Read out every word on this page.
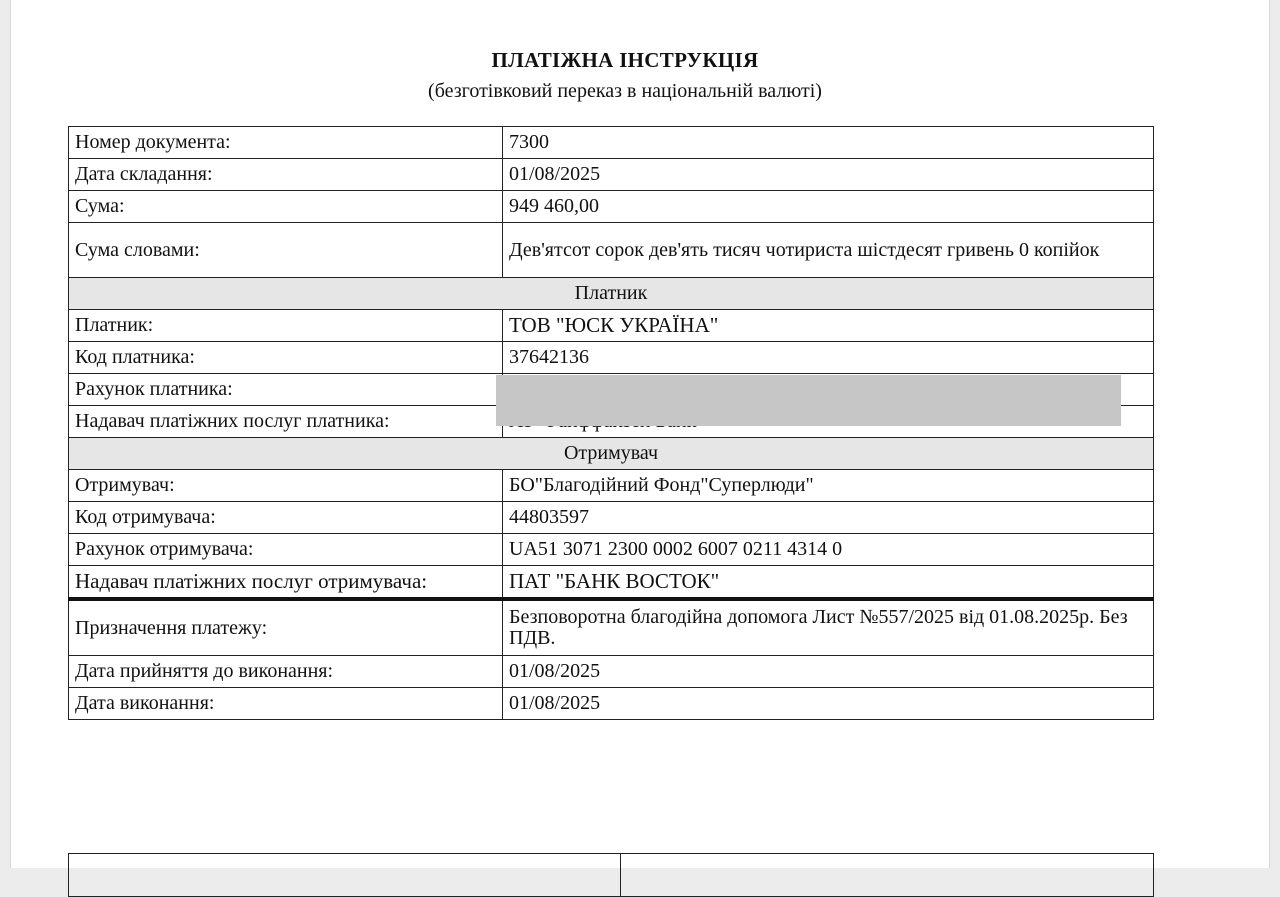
ПЛАТІЖНА ІНСТРУКЦІЯ
(безготівковий переказ в національній валюті)
Номер документа:	7300
Дата складання:	01/08/2025
Сума:	949 460,00
Сума словами:	Дев'ятсот сорок дев'ять тисяч чотириста шістдесят гривень 0 копійок
Платник	
Платник:	ТОВ "ЮСК УКРАЇНА"
Код платника:	37642136
Рахунок платника:	
Надавач платіжних послуг платника:	
Отримувач	
Отримувач:	БО"Благодійний Фонд"Суперлюди"
Код отримувача:	44803597
Рахунок отримувача:	UA51 3071 2300 0002 6007 0211 4314 0
Надавач платіжних послуг отримувача:	ПАТ "БАНК ВОСТОК"
Призначення платежу:	Безповоротна благодійна допомога Лист №557/2025 від 01.08.2025р. Без ПДВ.
Дата прийняття до виконання:	01/08/2025
Дата виконання:	01/08/2025
